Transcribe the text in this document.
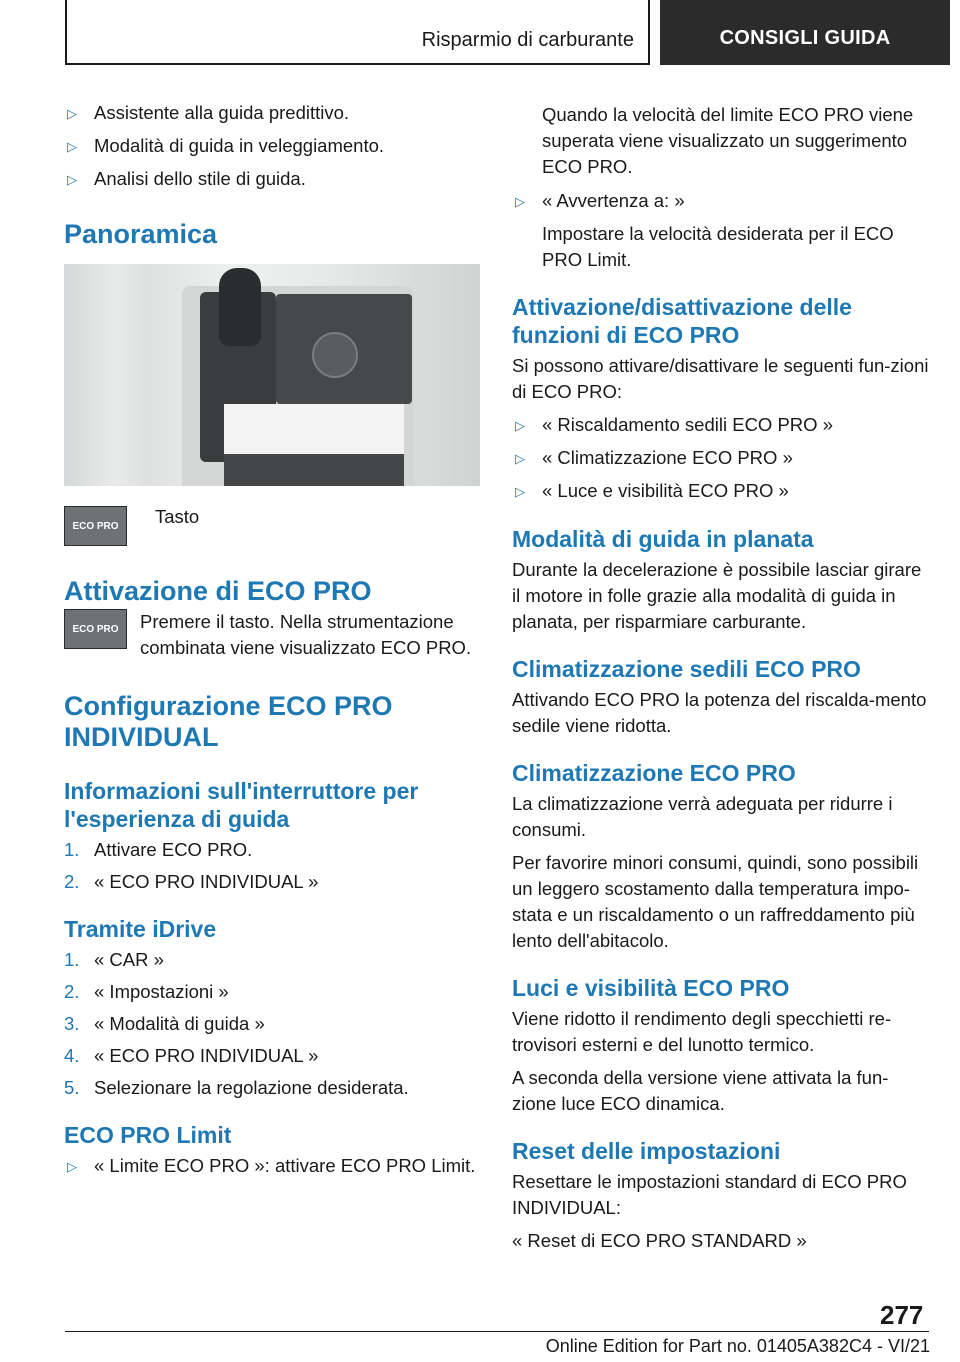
Risparmio di carburante	CONSIGLI GUIDA
▷ Assistente alla guida predittivo.
▷ Modalità di guida in veleggiamento.
▷ Analisi dello stile di guida.
Panoramica
ECO PRO	Tasto
Attivazione di ECO PRO
ECO PRO	Premere il tasto. Nella strumentazione combinata viene visualizzato ECO PRO.
Configurazione ECO PRO INDIVIDUAL
Informazioni sull'interruttore per l'esperienza di guida
1. Attivare ECO PRO.
2. « ECO PRO INDIVIDUAL »
Tramite iDrive
1. « CAR »
2. « Impostazioni »
3. « Modalità di guida »
4. « ECO PRO INDIVIDUAL »
5. Selezionare la regolazione desiderata.
ECO PRO Limit
▷ « Limite ECO PRO »: attivare ECO PRO Limit.
Quando la velocità del limite ECO PRO viene superata viene visualizzato un suggerimento ECO PRO.
▷ « Avvertenza a: »
Impostare la velocità desiderata per il ECO PRO Limit.
Attivazione/disattivazione delle funzioni di ECO PRO
Si possono attivare/disattivare le seguenti fun-zioni di ECO PRO:
▷ « Riscaldamento sedili ECO PRO »
▷ « Climatizzazione ECO PRO »
▷ « Luce e visibilità ECO PRO »
Modalità di guida in planata
Durante la decelerazione è possibile lasciar girare il motore in folle grazie alla modalità di guida in planata, per risparmiare carburante.
Climatizzazione sedili ECO PRO
Attivando ECO PRO la potenza del riscalda-mento sedile viene ridotta.
Climatizzazione ECO PRO
La climatizzazione verrà adeguata per ridurre i consumi.
Per favorire minori consumi, quindi, sono possibili un leggero scostamento dalla temperatura impo-stata e un riscaldamento o un raffreddamento più lento dell'abitacolo.
Luci e visibilità ECO PRO
Viene ridotto il rendimento degli specchietti re-trovisori esterni e del lunotto termico.
A seconda della versione viene attivata la fun-zione luce ECO dinamica.
Reset delle impostazioni
Resettare le impostazioni standard di ECO PRO INDIVIDUAL:
« Reset di ECO PRO STANDARD »
277
Online Edition for Part no. 01405A382C4 - VI/21
